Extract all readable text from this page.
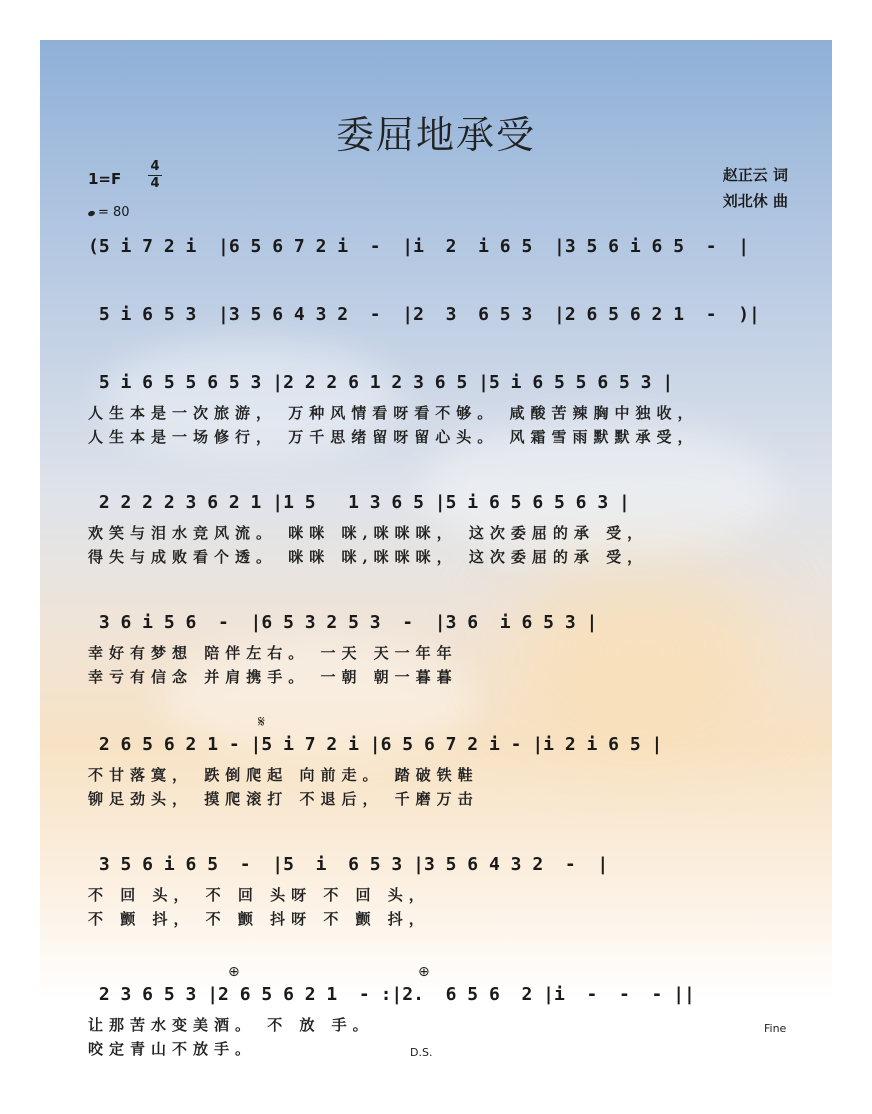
委屈地承受
1=F
4
4
= 80
赵正云 词
刘北休 曲
(5 i 7 2 i  |6 5 6 7 2 i  -  |i  2  i 6 5  |3 5 6 i 6 5  -  |
5 i 6 5 3  |3 5 6 4 3 2  -  |2  3  6 5 3  |2 6 5 6 2 1  -  )|
5 i 6 5 5 6 5 3 |2 2 2 6 1 2 3 6 5 |5 i 6 5 5 6 5 3 |
人生本是一次旅游， 万种风情看呀看不够。 咸酸苦辣胸中独收，
人生本是一场修行， 万千思绪留呀留心头。 风霜雪雨默默承受，
2 2 2 2 3 6 2 1 |1 5   1 3 6 5 |5 i 6 5 6 5 6 3 |
欢笑与泪水竞风流。 咪咪 咪,咪咪咪， 这次委屈的承 受，
得失与成败看个透。 咪咪 咪,咪咪咪， 这次委屈的承 受，
3 6 i 5 6  -  |6 5 3 2 5 3  -  |3 6  i 6 5 3 |
幸好有梦想 陪伴左右。 一天 天一年年
幸亏有信念 并肩携手。 一朝 朝一暮暮
𝄋
2 6 5 6 2 1 - |5 i 7 2 i |6 5 6 7 2 i - |i 2 i 6 5 |
不甘落寞， 跌倒爬起 向前走。 踏破铁鞋
铆足劲头， 摸爬滚打 不退后， 千磨万击
3 5 6 i 6 5  -  |5  i  6 5 3 |3 5 6 4 3 2  -  |
不 回 头， 不 回 头呀 不 回 头，
不 颤 抖， 不 颤 抖呀 不 颤 抖，
⊕	⊕
2 3 6 5 3 |2 6 5 6 2 1  - :|2.  6 5 6  2 |i  -  -  - ||
让那苦水变美酒。 不 放 手。
咬定青山不放手。	D.S.
Fine
